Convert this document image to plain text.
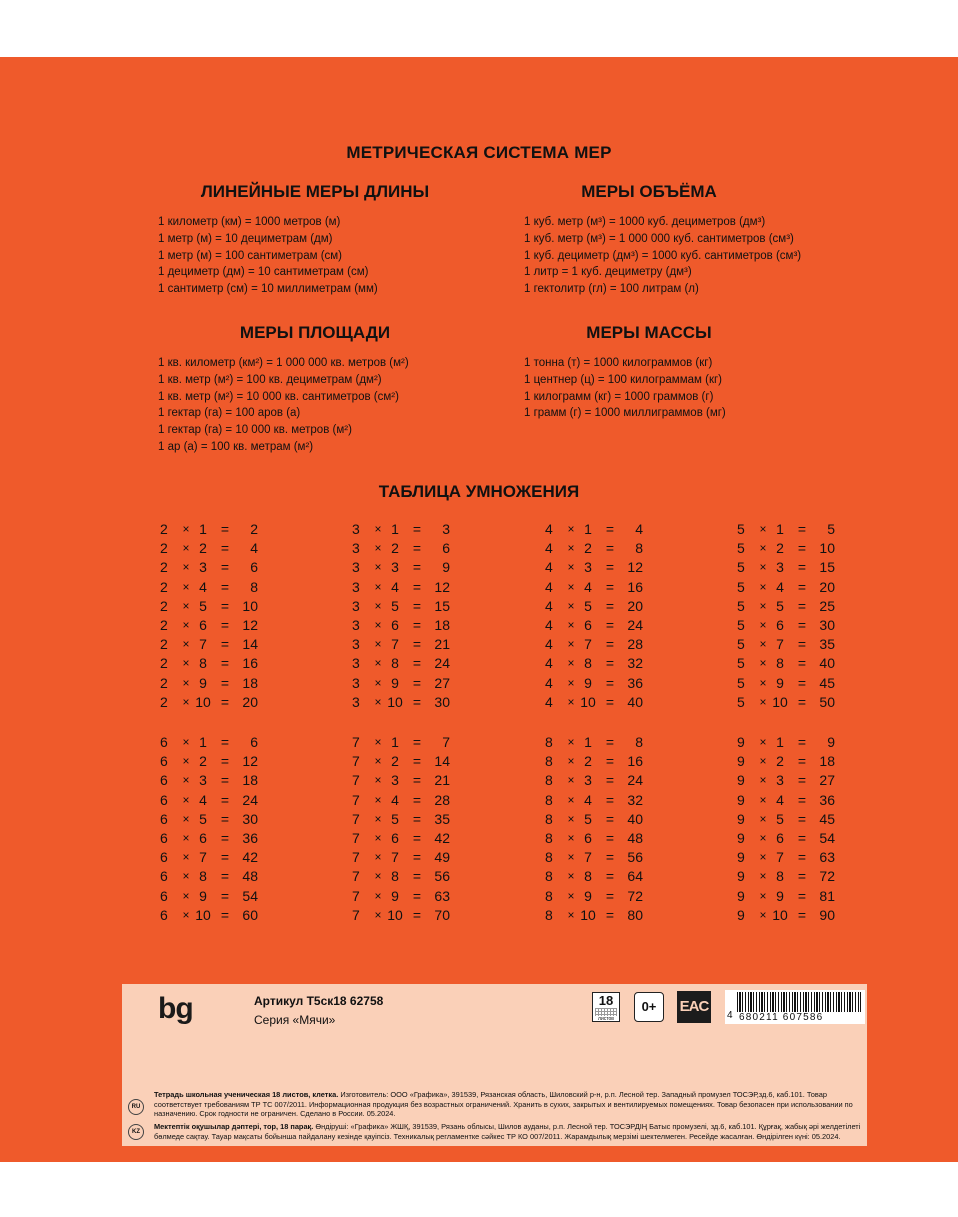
МЕТРИЧЕСКАЯ СИСТЕМА МЕР
ЛИНЕЙНЫЕ МЕРЫ ДЛИНЫ
1 километр (км) = 1000 метров (м)
1 метр (м) = 10 дециметрам (дм)
1 метр (м) = 100 сантиметрам (см)
1 дециметр (дм) = 10 сантиметрам (см)
1 сантиметр (см) = 10 миллиметрам (мм)
МЕРЫ ОБЪЁМА
1 куб. метр (м³) = 1000 куб. дециметров (дм³)
1 куб. метр (м³) = 1 000 000 куб. сантиметров (см³)
1 куб. дециметр (дм³) = 1000 куб. сантиметров (см³)
1 литр = 1 куб. дециметру (дм³)
1 гектолитр (гл) = 100 литрам (л)
МЕРЫ ПЛОЩАДИ
1 кв. километр (км²) = 1 000 000 кв. метров (м²)
1 кв. метр (м²) = 100 кв. дециметрам (дм²)
1 кв. метр (м²) = 10 000 кв. сантиметров (см²)
1 гектар (га) = 100 аров (а)
1 гектар (га) = 10 000 кв. метров (м²)
1 ар (а) = 100 кв. метрам (м²)
МЕРЫ МАССЫ
1 тонна (т) = 1000 килограммов (кг)
1 центнер (ц) = 100 килограммам (кг)
1 килограмм (кг) = 1000 граммов (г)
1 грамм (г) = 1000 миллиграммов (мг)
ТАБЛИЦА УМНОЖЕНИЯ
2	× 1	=	2
2	× 2	=	4
2	× 3	=	6
2	× 4	=	8
2	× 5	= 10
2	× 6	= 12
2	× 7	= 14
2	× 8	= 16
2	× 9	= 18
2	× 10 = 20
3	× 1	=	3
3	× 2	=	6
3	× 3	=	9
3	× 4	= 12
3	× 5	= 15
3	× 6	= 18
3	× 7	= 21
3	× 8	= 24
3	× 9	= 27
3	× 10 = 30
4	× 1	=	4
4	× 2	=	8
4	× 3	= 12
4	× 4	= 16
4	× 5	= 20
4	× 6	= 24
4	× 7	= 28
4	× 8	= 32
4	× 9	= 36
4	× 10 = 40
5	× 1	=	5
5	× 2	= 10
5	× 3	= 15
5	× 4	= 20
5	× 5	= 25
5	× 6	= 30
5	× 7	= 35
5	× 8	= 40
5	× 9	= 45
5	× 10 = 50
6	× 1	=	6
6	× 2	= 12
6	× 3	= 18
6	× 4	= 24
6	× 5	= 30
6	× 6	= 36
6	× 7	= 42
6	× 8	= 48
6	× 9	= 54
6	× 10 = 60
7	× 1	=	7
7	× 2	= 14
7	× 3	= 21
7	× 4	= 28
7	× 5	= 35
7	× 6	= 42
7	× 7	= 49
7	× 8	= 56
7	× 9	= 63
7	× 10 = 70
8	× 1	=	8
8	× 2	= 16
8	× 3	= 24
8	× 4	= 32
8	× 5	= 40
8	× 6	= 48
8	× 7	= 56
8	× 8	= 64
8	× 9	= 72
8	× 10 = 80
9	× 1	=	9
9	× 2	= 18
9	× 3	= 27
9	× 4	= 36
9	× 5	= 45
9	× 6	= 54
9	× 7	= 63
9	× 8	= 72
9	× 9	= 81
9	× 10 = 90
bg	Артикул Т5ск18 62758
Серия «Мячи»
18
листов
0+	EAC
4 680211 607586
RU
Тетрадь школьная ученическая 18 листов, клетка. Изготовитель: ООО «Графика», 391539, Рязанская область, Шиловский р-н, р.п. Лесной тер. Западный промузел ТОСЭР,зд.6, каб.101. Товар соответствует требованиям ТР ТС 007/2011. Информационная продукция без возрастных ограничений. Хранить в сухих, закрытых и вентилируемых помещениях. Товар безопасен при использовании по назначению. Срок годности не ограничен. Сделано в России. 05.2024.
KZ
Мектептік оқушылар дәптері, тор, 18 парақ. Өндіруші: «Графика» ЖШҚ, 391539, Рязань облысы, Шилов ауданы, р.п. Лесной тер. ТОСЭРДІҢ Батыс промузелі, зд.6, каб.101. Құрғақ, жабық әрі желдетілеті бөлмеде сақтау. Тауар мақсаты бойынша пайдалану кезінде қауіпсіз. Техникалық регламентке сәйкес ТР КО 007/2011. Жарамдылық мерзімі шектелмеген. Ресейде жасалған. Өндірілген күні: 05.2024.
